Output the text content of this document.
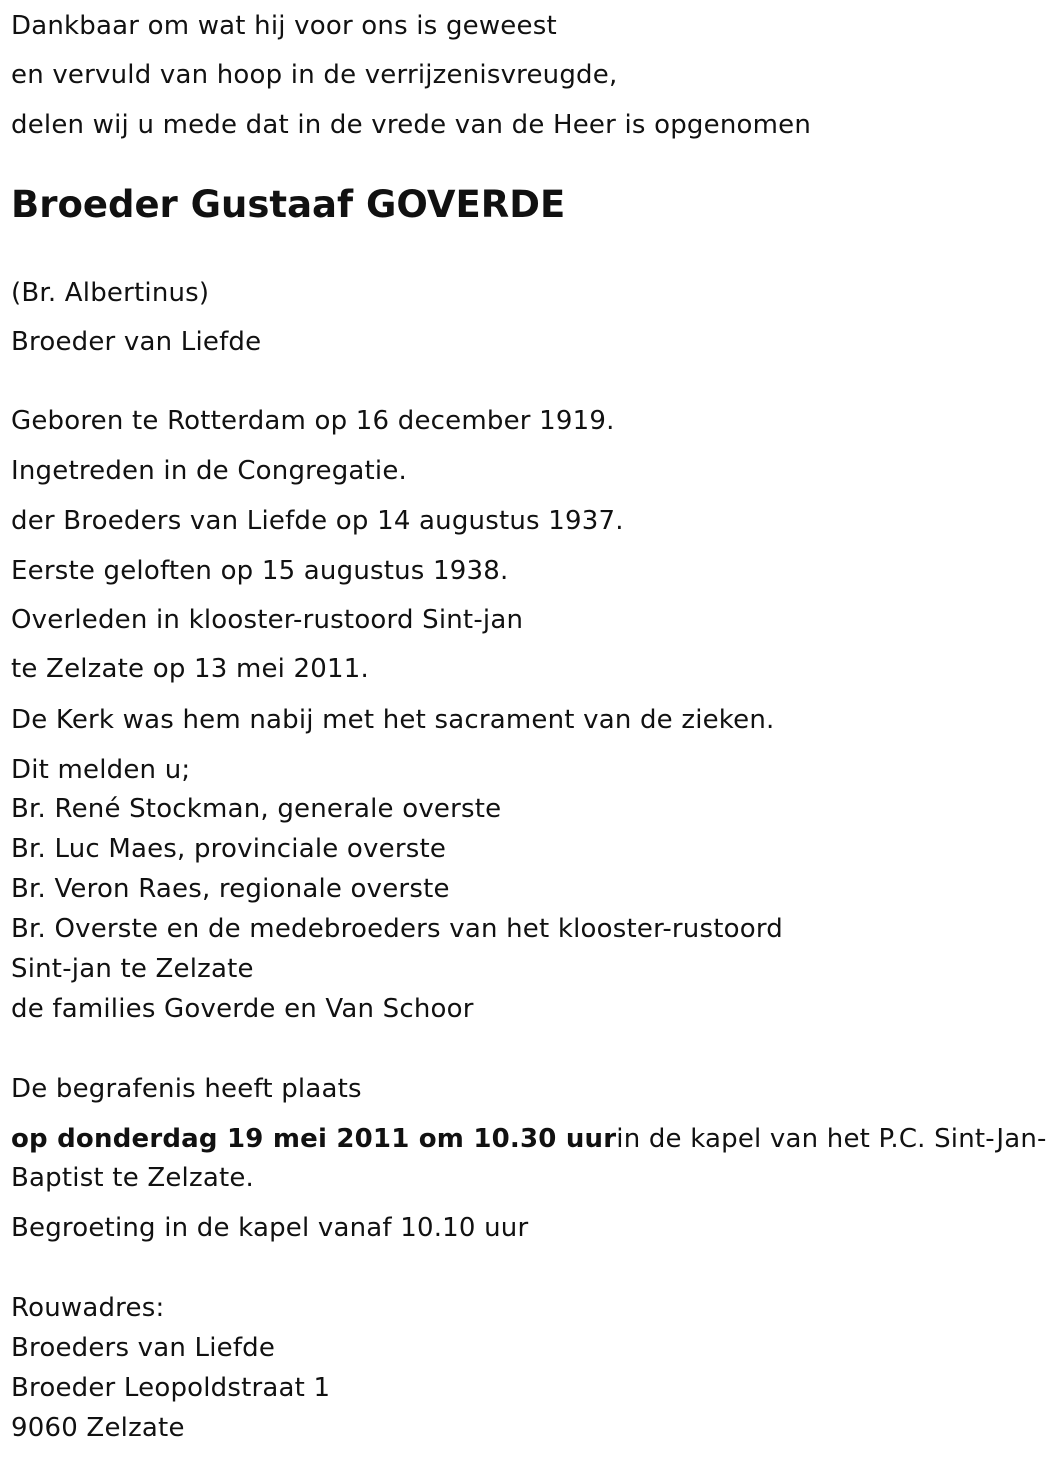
Dankbaar om wat hij voor ons is geweest
en vervuld van hoop in de verrijzenisvreugde,
delen wij u mede dat in de vrede van de Heer is opgenomen
Broeder Gustaaf GOVERDE
(Br. Albertinus)
Broeder van Liefde
Geboren te Rotterdam op 16 december 1919.
Ingetreden in de Congregatie.
der Broeders van Liefde op 14 augustus 1937.
Eerste geloften op 15 augustus 1938.
Overleden in klooster-rustoord Sint-jan
te Zelzate op 13 mei 2011.
De Kerk was hem nabij met het sacrament van de zieken.
Dit melden u;
Br. René Stockman, generale overste
Br. Luc Maes, provinciale overste
Br. Veron Raes, regionale overste
Br. Overste en de medebroeders van het klooster-rustoord
Sint-jan te Zelzate
de families Goverde en Van Schoor
De begrafenis heeft plaats
op donderdag 19 mei 2011 om 10.30 uurin de kapel van het P.C. Sint-Jan-
Baptist te Zelzate.
Begroeting in de kapel vanaf 10.10 uur
Rouwadres:
Broeders van Liefde
Broeder Leopoldstraat 1
9060 Zelzate
